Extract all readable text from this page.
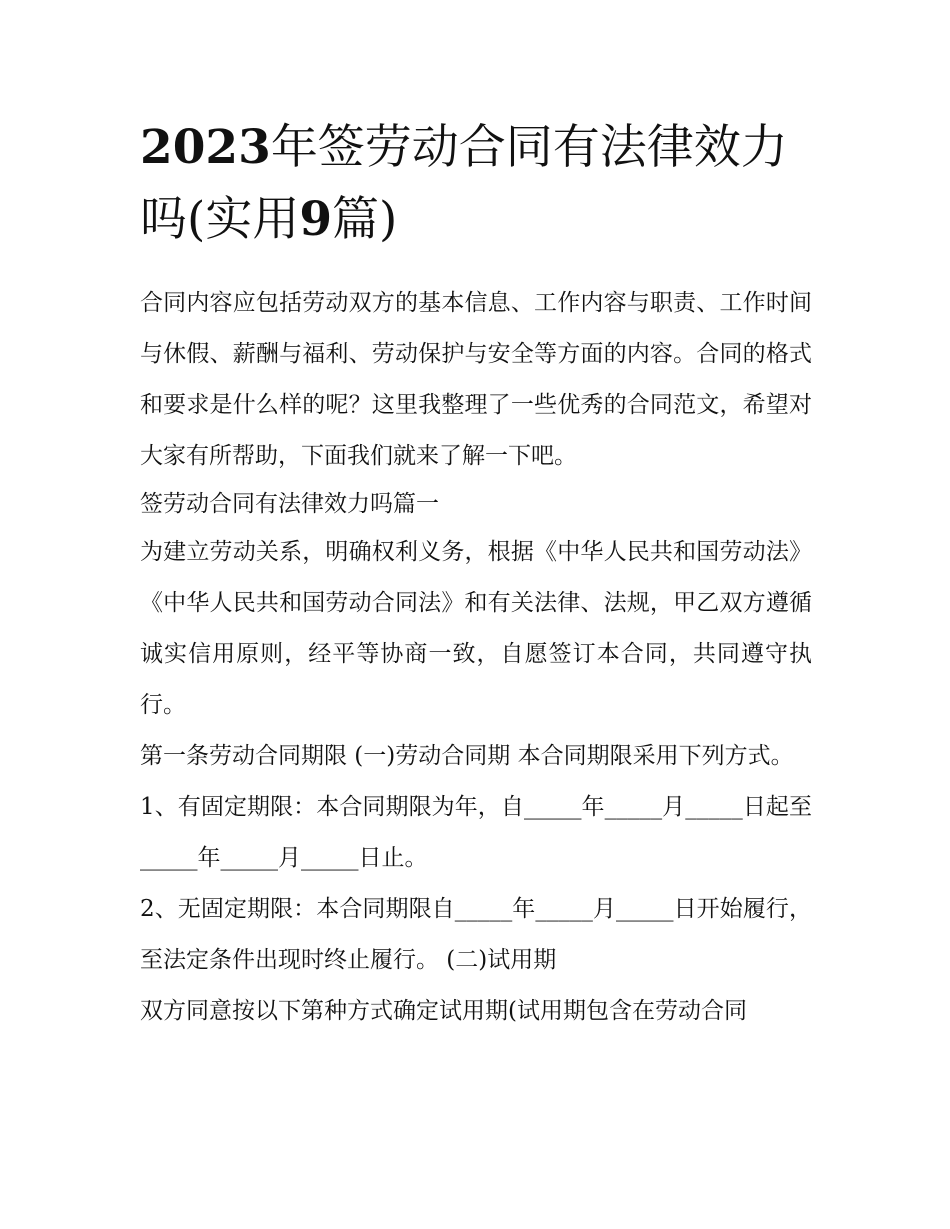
2023年签劳动合同有法律效力吗(实用9篇)

合同内容应包括劳动双方的基本信息、工作内容与职责、工作时间与休假、薪酬与福利、劳动保护与安全等方面的内容。合同的格式和要求是什么样的呢？这里我整理了一些优秀的合同范文，希望对大家有所帮助，下面我们就来了解一下吧。

签劳动合同有法律效力吗篇一

为建立劳动关系，明确权利义务，根据《中华人民共和国劳动法》《中华人民共和国劳动合同法》和有关法律、法规，甲乙双方遵循诚实信用原则，经平等协商一致，自愿签订本合同，共同遵守执行。

第一条劳动合同期限 (一)劳动合同期 本合同期限采用下列方式。

1、有固定期限：本合同期限为年，自_____年_____月_____日起至_____年_____月_____日止。

2、无固定期限：本合同期限自_____年_____月_____日开始履行，至法定条件出现时终止履行。 (二)试用期

双方同意按以下第种方式确定试用期(试用期包含在劳动合同
